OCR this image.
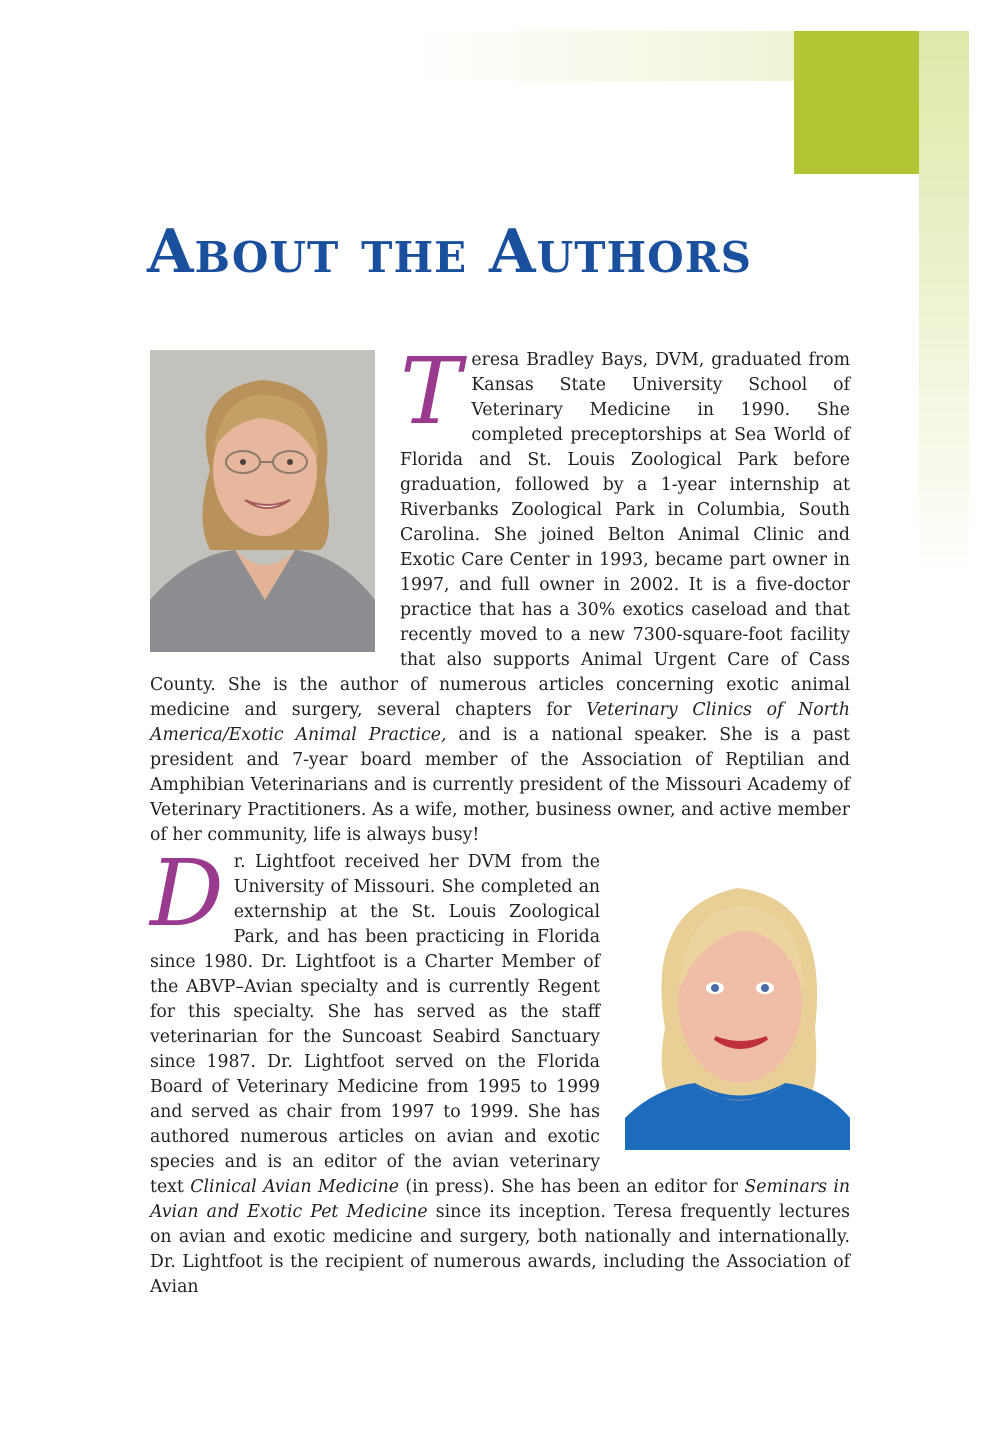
About the Authors

Teresa Bradley Bays, DVM, graduated from Kansas State University School of Veterinary Medicine in 1990. She completed preceptorships at Sea World of Florida and St. Louis Zoological Park before graduation, followed by a 1-year internship at Riverbanks Zoological Park in Columbia, South Carolina. She joined Belton Animal Clinic and Exotic Care Center in 1993, became part owner in 1997, and full owner in 2002. It is a five-doctor practice that has a 30% exotics caseload and that recently moved to a new 7300-square-foot facility that also supports Animal Urgent Care of Cass County. She is the author of numerous articles concerning exotic animal medicine and surgery, several chapters for Veterinary Clinics of North America/Exotic Animal Practice, and is a national speaker. She is a past president and 7-year board member of the Association of Reptilian and Amphibian Veterinarians and is currently president of the Missouri Academy of Veterinary Practitioners. As a wife, mother, business owner, and active member of her community, life is always busy!

Dr. Lightfoot received her DVM from the University of Missouri. She completed an externship at the St. Louis Zoological Park, and has been practicing in Florida since 1980. Dr. Lightfoot is a Charter Member of the ABVP–Avian specialty and is currently Regent for this specialty. She has served as the staff veterinarian for the Suncoast Seabird Sanctuary since 1987. Dr. Lightfoot served on the Florida Board of Veterinary Medicine from 1995 to 1999 and served as chair from 1997 to 1999. She has authored numerous articles on avian and exotic species and is an editor of the avian veterinary text Clinical Avian Medicine (in press). She has been an editor for Seminars in Avian and Exotic Pet Medicine since its inception. Teresa frequently lectures on avian and exotic medicine and surgery, both nationally and internationally. Dr. Lightfoot is the recipient of numerous awards, including the Association of Avian
